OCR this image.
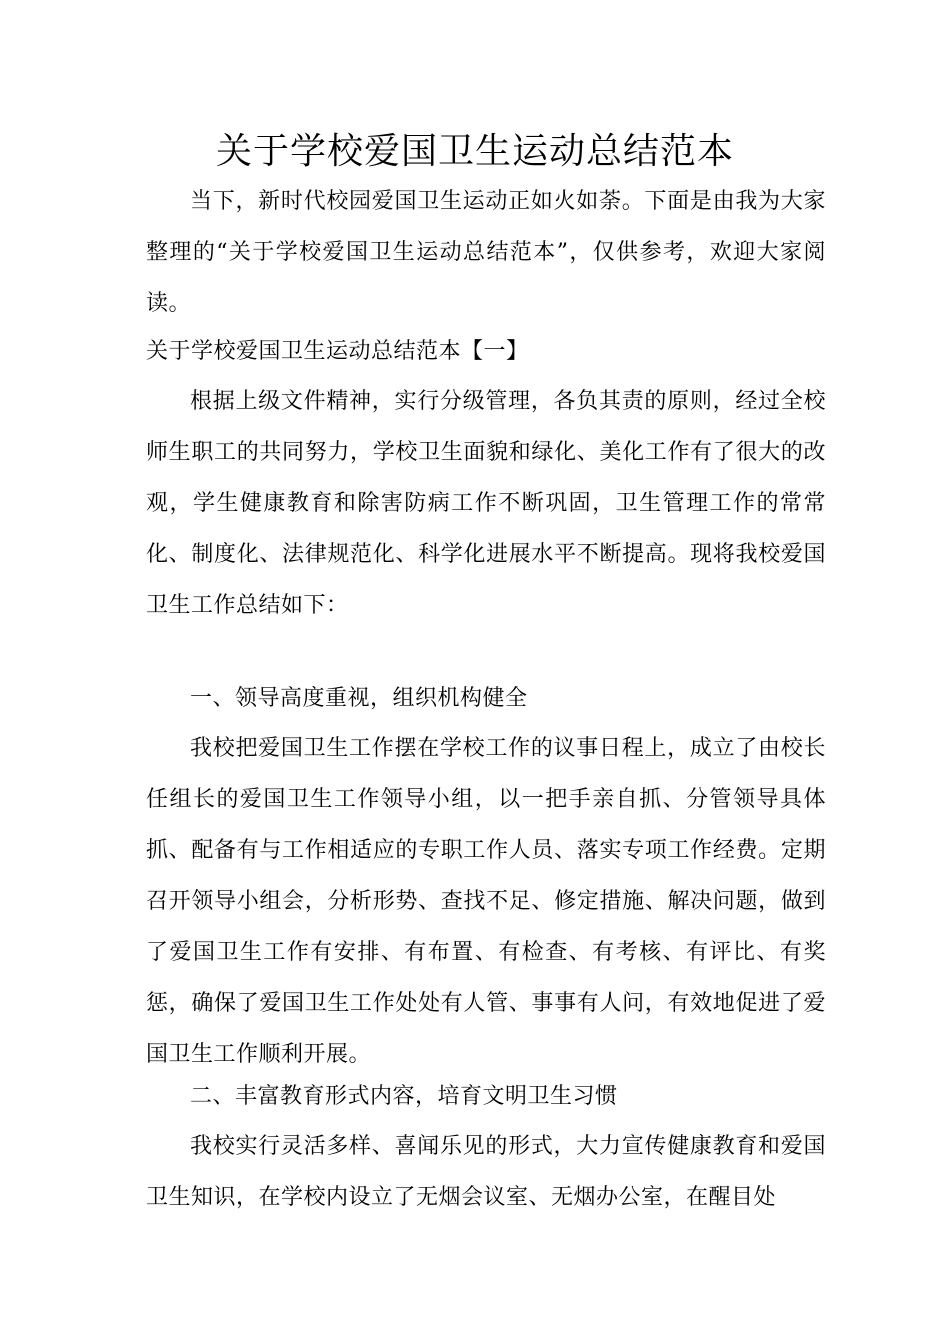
关于学校爱国卫生运动总结范本

当下，新时代校园爱国卫生运动正如火如荼。下面是由我为大家整理的“关于学校爱国卫生运动总结范本”，仅供参考，欢迎大家阅读。

关于学校爱国卫生运动总结范本【一】

根据上级文件精神，实行分级管理，各负其责的原则，经过全校师生职工的共同努力，学校卫生面貌和绿化、美化工作有了很大的改观，学生健康教育和除害防病工作不断巩固，卫生管理工作的常常化、制度化、法律规范化、科学化进展水平不断提高。现将我校爱国卫生工作总结如下：

一、领导高度重视，组织机构健全

我校把爱国卫生工作摆在学校工作的议事日程上，成立了由校长任组长的爱国卫生工作领导小组，以一把手亲自抓、分管领导具体抓、配备有与工作相适应的专职工作人员、落实专项工作经费。定期召开领导小组会，分析形势、查找不足、修定措施、解决问题，做到了爱国卫生工作有安排、有布置、有检查、有考核、有评比、有奖惩，确保了爱国卫生工作处处有人管、事事有人问，有效地促进了爱国卫生工作顺利开展。

二、丰富教育形式内容，培育文明卫生习惯

我校实行灵活多样、喜闻乐见的形式，大力宣传健康教育和爱国卫生知识，在学校内设立了无烟会议室、无烟办公室，在醒目处
